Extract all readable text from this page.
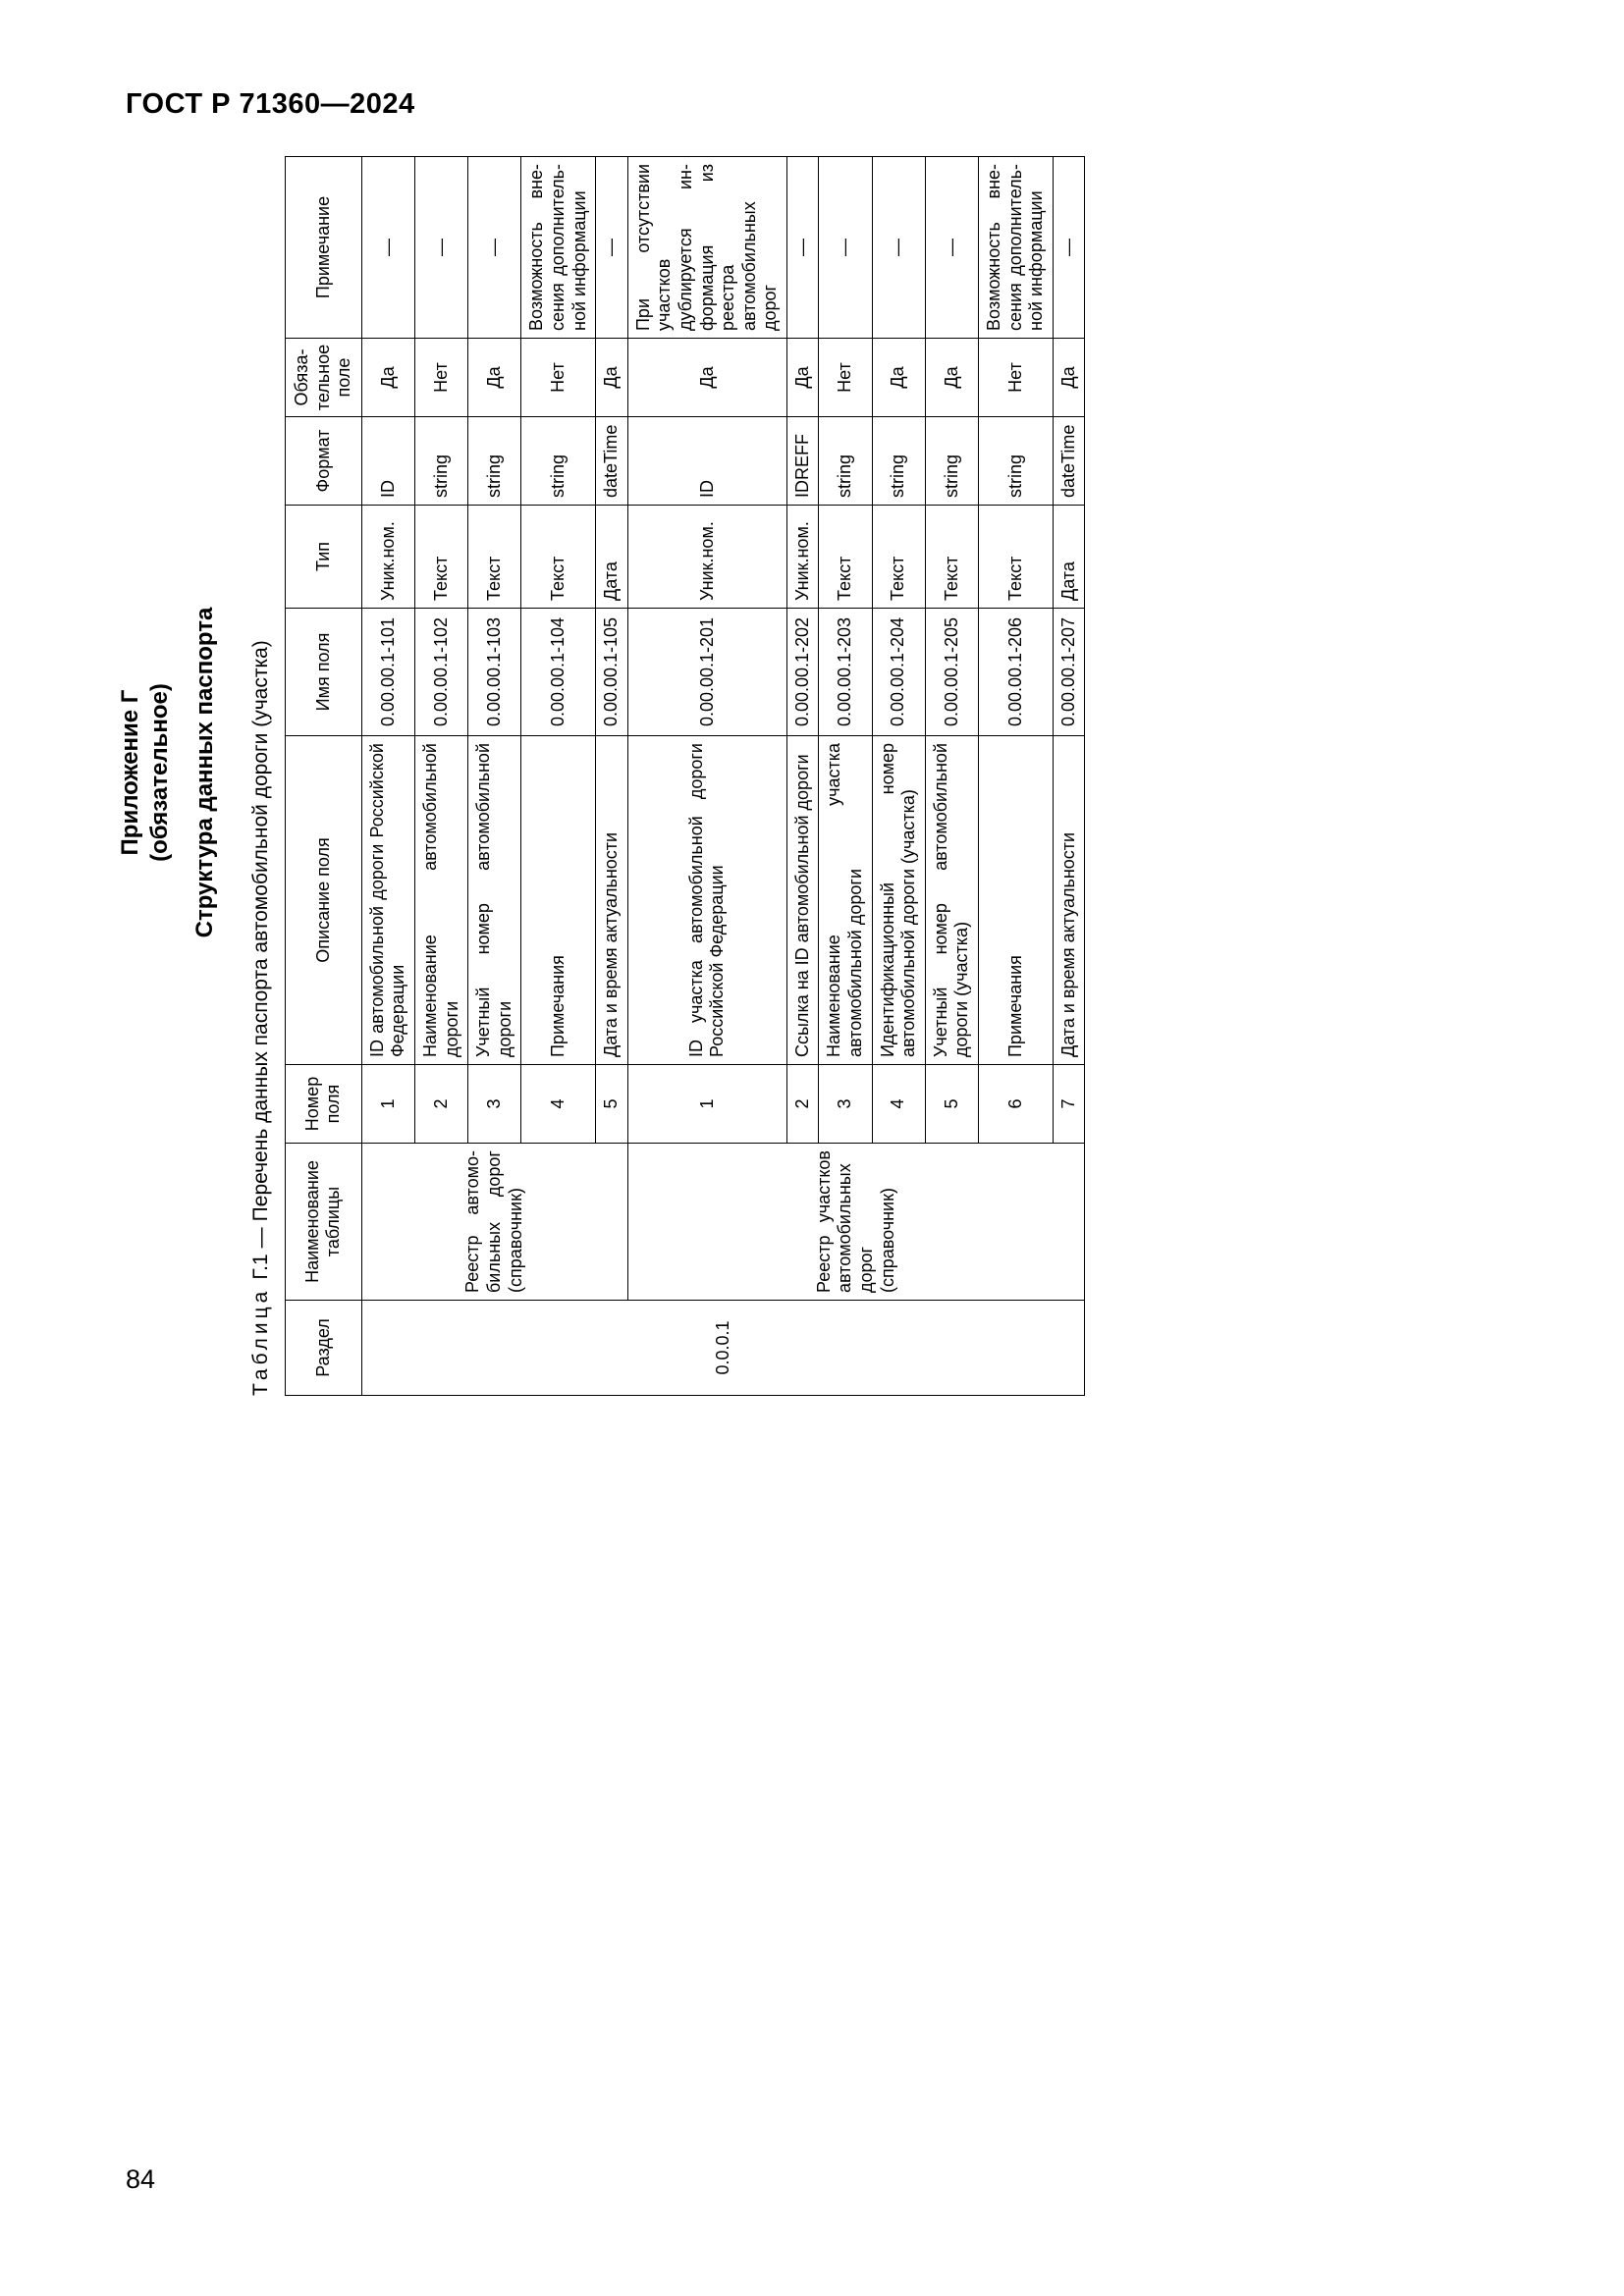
ГОСТ Р 71360—2024
Приложение Г (обязательное) Структура данных паспорта
ТаблицаГ.1—Перечень данных паспорта автомобильной дороги (участка)
Раздел	Наименование таблицы	Номер поля	Описание поля	Имя поля	Тип	Формат	Обязательное поле	Примечание
0.0.0.1	Реестр автомобильных дорог (справочник)	1	ID автомобильной дороги Российской Федерации	0.00.00.1-101	Уник.ном.	ID	Да	—
		2	Наименование автомобильной дороги	0.00.00.1-102	Текст	string	Нет	—
		3	Учетный номер автомобильной дороги	0.00.00.1-103	Текст	string	Да	—
		4	Примечания	0.00.00.1-104	Текст	string	Нет	Возможность внесения дополнительной информации
		5	Дата и время актуальности	0.00.00.1-105	Дата	dateTime	Да	—
	Реестр участков автомобильных дорог (справочник)	1	ID участка автомобильной дороги Российской Федерации	0.00.00.1-201	Уник.ном.	ID	Да	При отсутствии участков дублируется информация из реестра автомобильных дорог
		2	Ссылка на ID автомобильной дороги	0.00.00.1-202	Уник.ном.	IDREFF	Да	—
		3	Наименование участка автомобильной дороги	0.00.00.1-203	Текст	string	Нет	—
		4	Идентификационный номер автомобильной дороги (участка)	0.00.00.1-204	Текст	string	Да	—
		5	Учетный номер автомобильной дороги (участка)	0.00.00.1-205	Текст	string	Да	—
		6	Примечания	0.00.00.1-206	Текст	string	Нет	Возможность внесения дополнительной информации
		7	Дата и время актуальности	0.00.00.1-207	Дата	dateTime	Да	—
84
